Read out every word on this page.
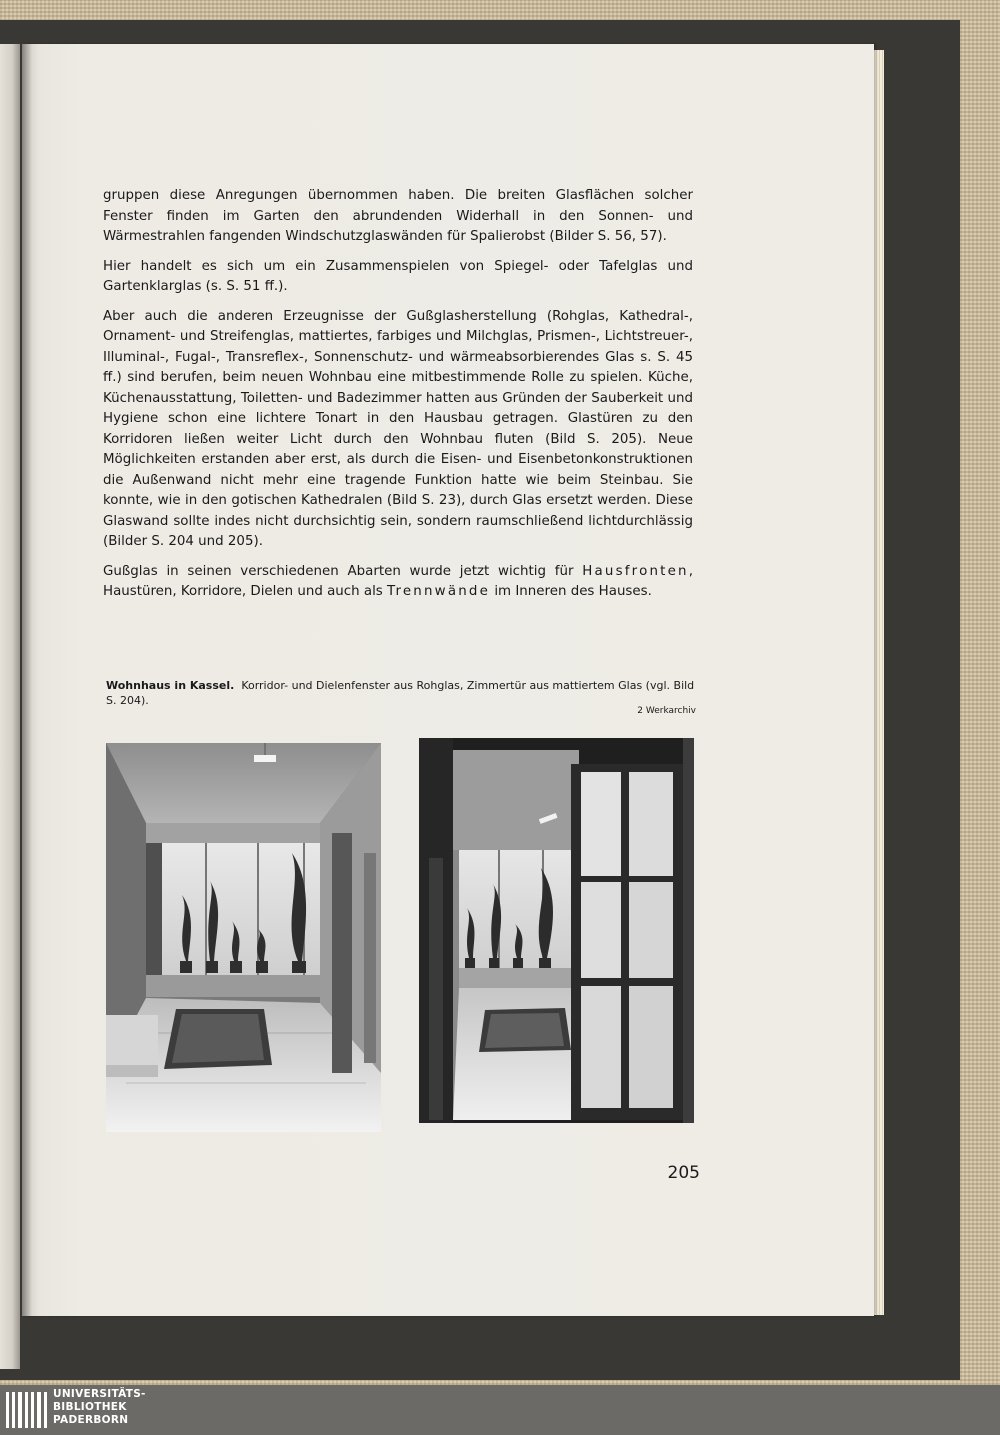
gruppen diese Anregungen übernommen haben. Die breiten Glasflächen solcher Fenster finden im Garten den abrundenden Widerhall in den Sonnen- und Wärmestrahlen fangenden Windschutzglaswänden für Spalierobst (Bilder S. 56, 57).

Hier handelt es sich um ein Zusammenspielen von Spiegel- oder Tafelglas und Gartenklarglas (s. S. 51 ff.).

Aber auch die anderen Erzeugnisse der Gußglasherstellung (Rohglas, Kathedral-, Ornament- und Streifenglas, mattiertes, farbiges und Milchglas, Prismen-, Lichtstreuer-, Illuminal-, Fugal-, Transreflex-, Sonnenschutz- und wärmeabsorbierendes Glas s. S. 45 ff.) sind berufen, beim neuen Wohnbau eine mitbestimmende Rolle zu spielen. Küche, Küchenausstattung, Toiletten- und Badezimmer hatten aus Gründen der Sauberkeit und Hygiene schon eine lichtere Tonart in den Hausbau getragen. Glastüren zu den Korridoren ließen weiter Licht durch den Wohnbau fluten (Bild S. 205). Neue Möglichkeiten erstanden aber erst, als durch die Eisen- und Eisenbetonkonstruktionen die Außenwand nicht mehr eine tragende Funktion hatte wie beim Steinbau. Sie konnte, wie in den gotischen Kathedralen (Bild S. 23), durch Glas ersetzt werden. Diese Glaswand sollte indes nicht durchsichtig sein, sondern raumschließend lichtdurchlässig (Bilder S. 204 und 205).

Gußglas in seinen verschiedenen Abarten wurde jetzt wichtig für Hausfronten, Haustüren, Korridore, Dielen und auch als Trennwände im Inneren des Hauses.

Wohnhaus in Kassel. Korridor- und Dielenfenster aus Rohglas, Zimmertür aus mattiertem Glas (vgl. Bild S. 204).
2 Werkarchiv
205
UNIVERSITÄTS-
BIBLIOTHEK
PADERBORN
